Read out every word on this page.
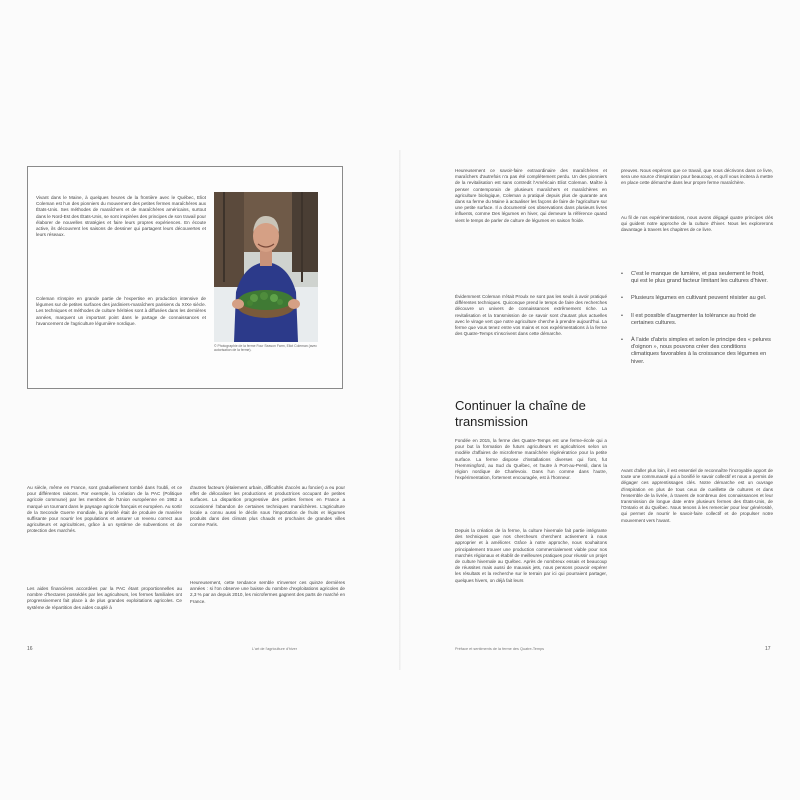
Vivant dans le Maine, à quelques heures de la frontière avec le Québec, Eliot Coleman est l'un des pionniers du mouvement des petites fermes maraîchères aux États-Unis. Ses méthodes de maraîchers et de maraîchères américains, surtout dans le Nord-Est des États-Unis, se sont inspirées des principes de son travail pour élaborer de nouvelles stratégies et faire leurs propres expériences. En écoute active, ils découvrent les saisons de dessiner qui partagent leurs découvertes et leurs réseaux.

Coleman s'inspire en grande partie de l'expertise en production intensive de légumes sur de petites surfaces des jardiniers-maraîchers parisiens du XIXe siècle. Les techniques et méthodes de culture héritées sont à diffusées dans les dernières années, marquent un important point dans le partage de connaissances et l'avancement de l'agriculture légumière nordique.

© Photographie de la ferme Four Season Farm, Eliot Coleman (avec autorisation de la ferme).

Au siècle, même en France, sont graduellement tombé dans l'oubli, et ce pour différentes raisons. Par exemple, la création de la PAC (Politique agricole commune) par les membres de l'Union européenne en 1962 a marqué un tournant dans le paysage agricole français et européen. Au sortir de la Seconde Guerre mondiale, la priorité était de produire de manière suffisante pour nourrir les populations et assurer un revenu correct aux agriculteurs et agricultrices, grâce à un système de subventions et de protection des marchés.

Les aides financières accordées par la PAC étant proportionnelles au nombre d'hectares possédés par les agriculteurs, les fermes familiales ont progressivement fait place à de plus grandes exploitations agricoles. Ce système de répartition des aides couplé à

d'autres facteurs (étalement urbain, difficultés d'accès au foncier) a eu pour effet de délocaliser les productions et productrices occupant de petites surfaces. La disparition progressive des petites fermes en France a occasionné l'abandon de certaines techniques maraîchères. L'agriculture locale a connu aussi le déclin sous l'importation de fruits et légumes produits dans des climats plus chauds et prochains de grandes villes comme Paris.

Heureusement, cette tendance semble s'inverser ces quinze dernières années : si l'on observe une baisse du nombre d'exploitations agricoles de 2,3 % par an depuis 2010, les microfermes gagnent des parts de marché en France.

16	L'art de l'agriculture d'hiver

Heureusement ce savoir-faire extraordinaire des maraîchères et maraîchers d'autrefois n'a pas été complètement perdu. Un des pionniers de la revitalisation est sans contredit l'Américain Eliot Coleman. Maître à penser contemporain de plusieurs maraîchers et maraîchères en agriculture biologique, Coleman a pratiqué depuis plus de quarante ans dans sa ferme du Maine à actualiser les façons de faire de l'agriculture sur une petite surface. Il a documenté ces observations dans plusieurs livres influents, comme Des légumes en hiver, qui demeure la référence quand vient le temps de parler de culture de légumes en saison froide.

Évidemment Coleman n'était Proulx ne sont pas les seuls à avoir pratiqué différentes techniques. Quiconque prend le temps de faire des recherches découvre un univers de connaissances extrêmement riche. La revitalisation et la transmission de ce savoir sont d'autant plus actuelles avec le virage vert que notre agriculture cherche à prendre aujourd'hui. La ferme que vous tenez entre vos mains et nos expérimentations à la ferme des Quatre-Temps s'inscrivent dans cette démarche.

Continuer la chaîne de transmission

Fondée en 2015, la ferme des Quatre-Temps est une ferme-école qui a pour but la formation de futurs agriculteurs et agricultrices selon un modèle d'affaires de microferme maraîchère régénératrice pour la petite surface. La ferme dispose d'installations diverses qui font, fut l'Hemmingford, au Sud du Québec, et l'autre à Port-au-Persil, dans la région nordique de Charlevoix. Dans l'un comme dans l'autre, l'expérimentation, fortement encouragée, est à l'honneur.

Depuis la création de la ferme, la culture hivernale fait partie intégrante des techniques que nos chercheurs cherchent activement à nous approprier et à améliorer. Grâce à notre approche, nous souhaitons principalement trouver une production commercialement viable pour nos marchés régionaux et établir de meilleures pratiques pour réussir un projet de culture hivernale au Québec. Après de nombreux essais et beaucoup de réussites mais aussi de mauvais jets, nous pensons pouvoir espérer les résultats et la recherche sur le terrain par ici qui pourraient partager, quelques hivers, on déjà fait leurs

preuves. Nous espérons que ce travail, que nous décrivons dans ce livre, sera une source d'inspiration pour beaucoup, et qu'il vous incitera à mettre en place cette démarche dans leur propre ferme maraîchère.

Au fil de nos expérimentations, nous avons dégagé quatre principes clés qui guident notre approche de la culture d'hiver. Nous les explorerons davantage à travers les chapitres de ce livre.

• C'est le manque de lumière, et pas seulement le froid, qui est le plus grand facteur limitant les cultures d'hiver.
• Plusieurs légumes en cultivant peuvent résister au gel.
• Il est possible d'augmenter la tolérance au froid de certaines cultures.
• À l'aide d'abris simples et selon le principe des « pelures d'oignon », nous pouvons créer des conditions climatiques favorables à la croissance des légumes en hiver.

Avant d'aller plus loin, il est essentiel de reconnaître l'incroyable apport de toute une communauté qui a bonifié le savoir collectif et nous a permis de dégager ces apprentissages clés. Notre démarche est un ouvrage d'inspiration en plus de tous ceux de cueillette de cultures et dans l'ensemble de la livrée, à travers de nombreux des connaissances et leur transmission de longue date entre plusieurs fermes des États-Unis, de l'Ontario et du Québec. Nous tenons à les remercier pour leur générosité, qui permet de nourrir le savoir-faire collectif et de propulser notre mouvement vers l'avant.

Préface et sentiments de la ferme des Quatre-Temps	17
